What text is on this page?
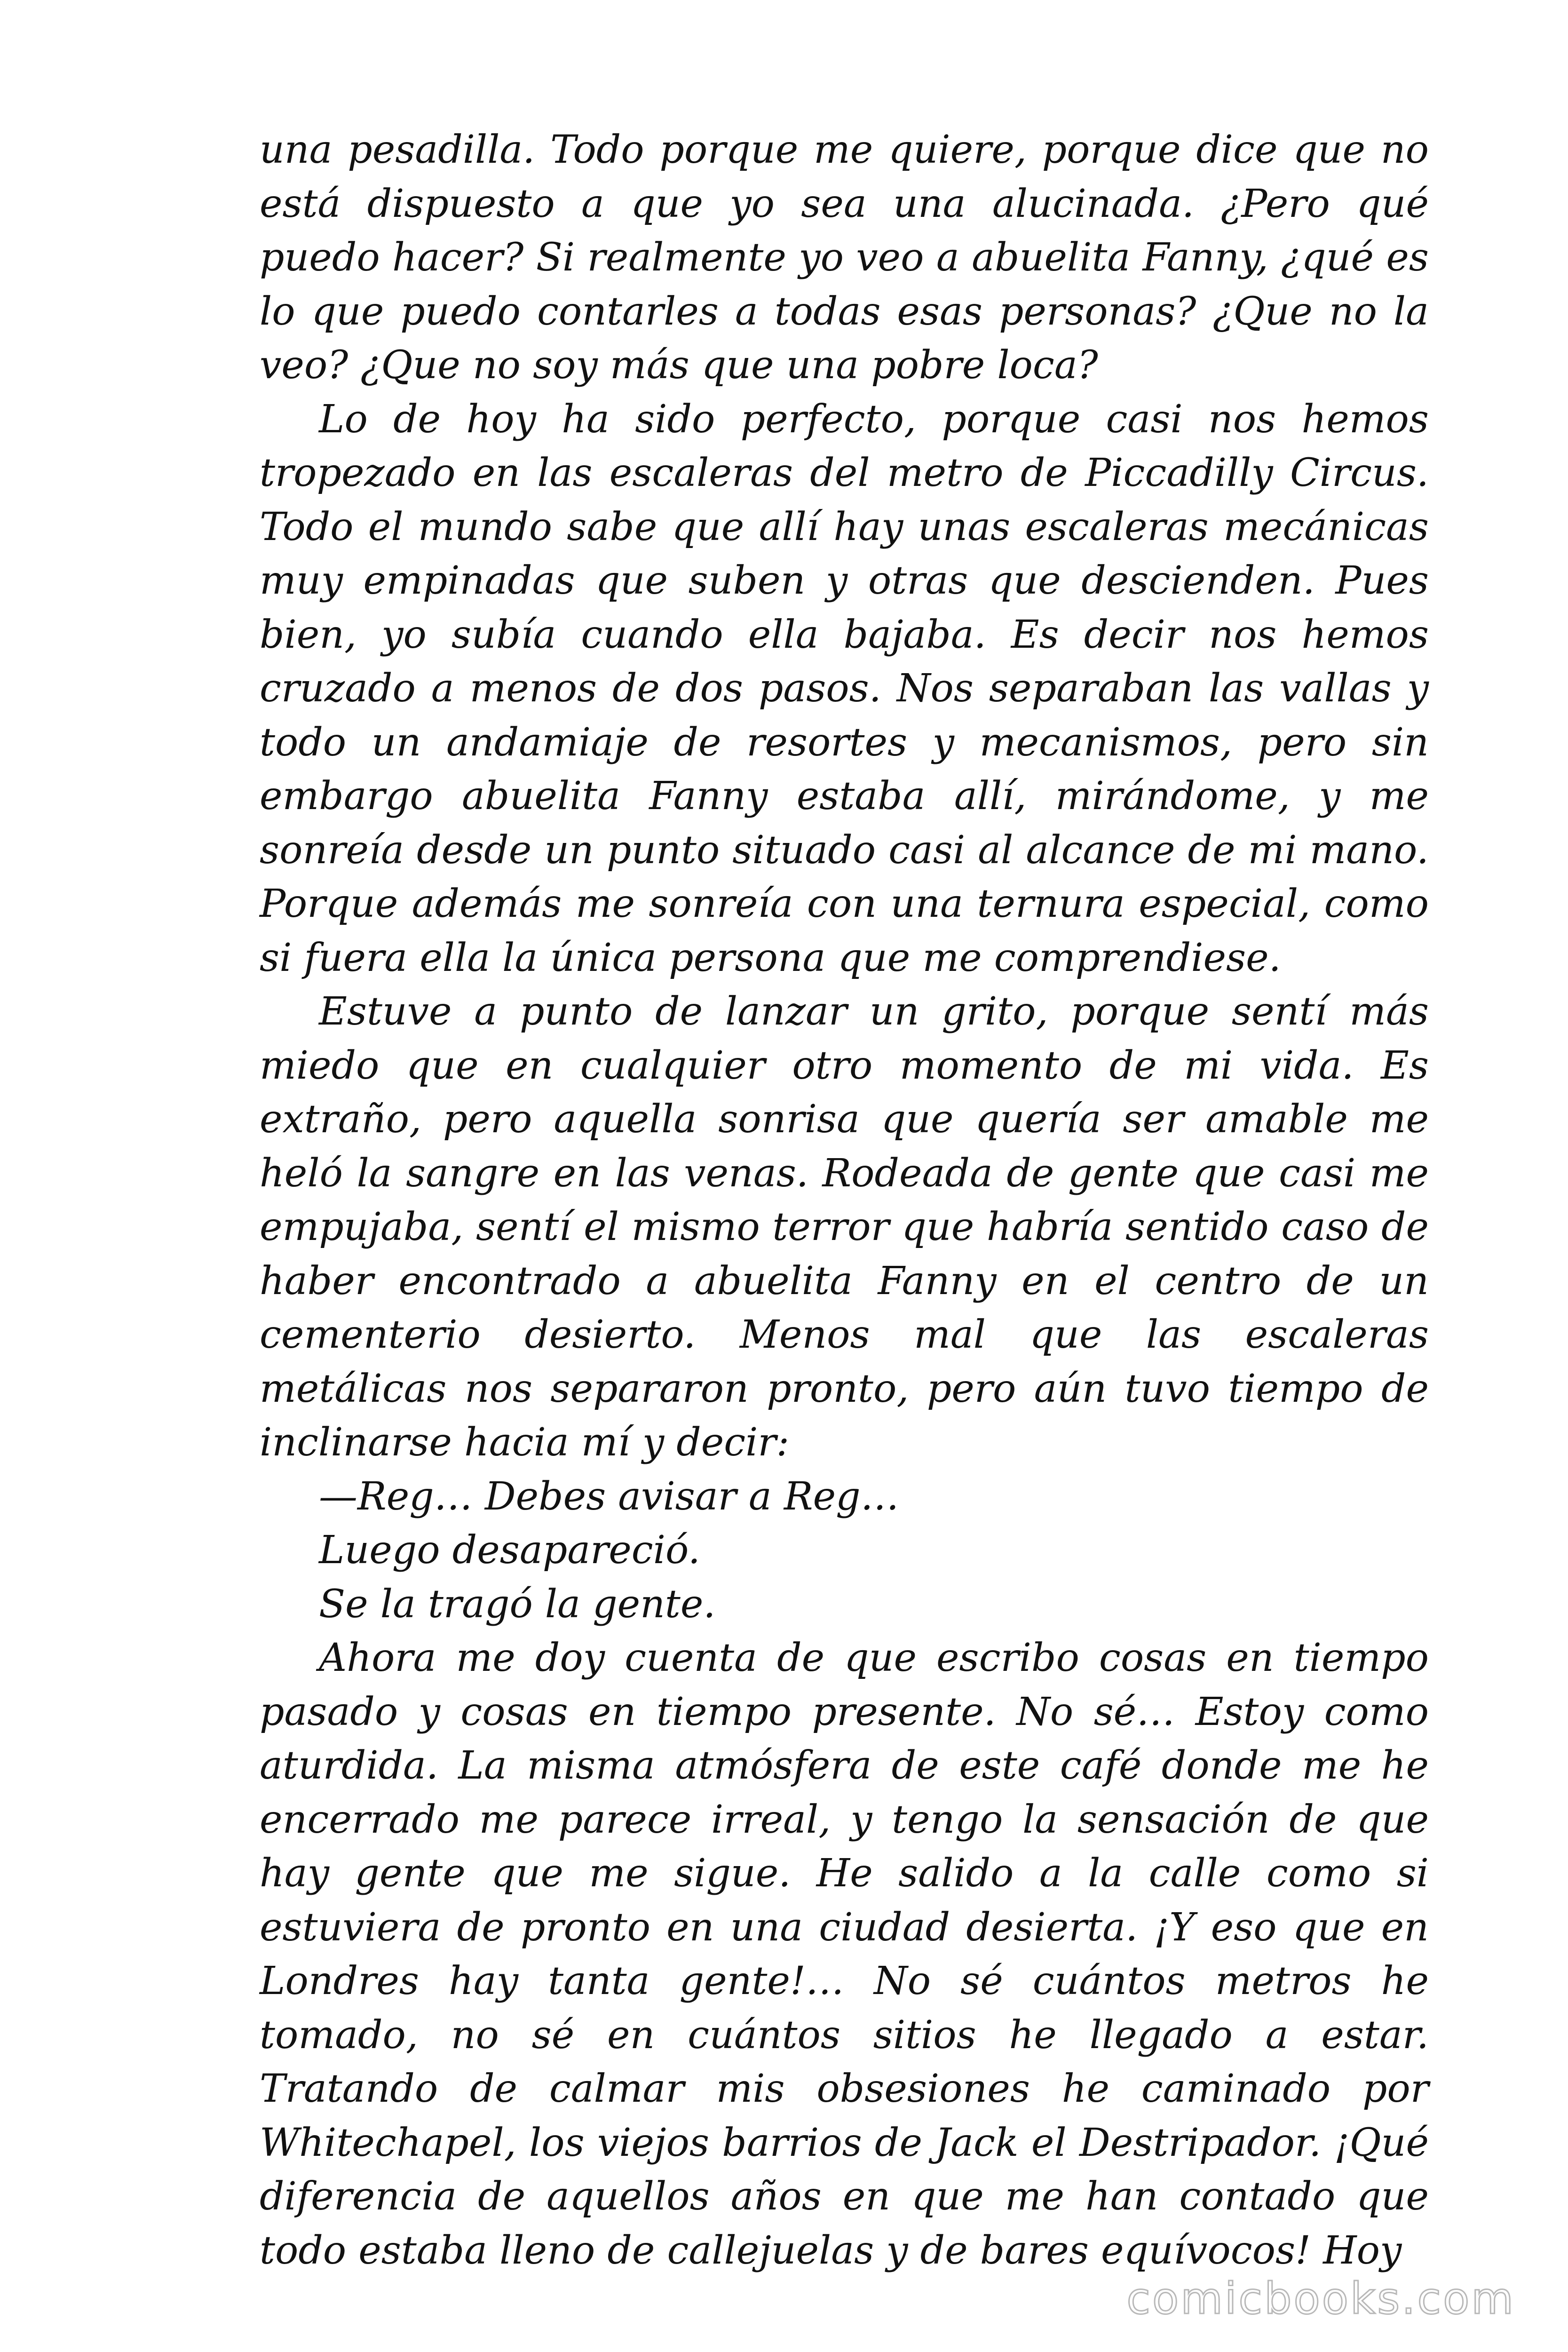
una pesadilla. Todo porque me quiere, porque dice que no está dispuesto a que yo sea una alucinada. ¿Pero qué puedo hacer? Si realmente yo veo a abuelita Fanny, ¿qué es lo que puedo contarles a todas esas personas? ¿Que no la veo? ¿Que no soy más que una pobre loca?

Lo de hoy ha sido perfecto, porque casi nos hemos tropezado en las escaleras del metro de Piccadilly Circus. Todo el mundo sabe que allí hay unas escaleras mecánicas muy empinadas que suben y otras que descienden. Pues bien, yo subía cuando ella bajaba. Es decir nos hemos cruzado a menos de dos pasos. Nos separaban las vallas y todo un andamiaje de resortes y mecanismos, pero sin embargo abuelita Fanny estaba allí, mirándome, y me sonreía desde un punto situado casi al alcance de mi mano. Porque además me sonreía con una ternura especial, como si fuera ella la única persona que me comprendiese.

Estuve a punto de lanzar un grito, porque sentí más miedo que en cualquier otro momento de mi vida. Es extraño, pero aquella sonrisa que quería ser amable me heló la sangre en las venas. Rodeada de gente que casi me empujaba, sentí el mismo terror que habría sentido caso de haber encontrado a abuelita Fanny en el centro de un cementerio desierto. Menos mal que las escaleras metálicas nos separaron pronto, pero aún tuvo tiempo de inclinarse hacia mí y decir:

—Reg… Debes avisar a Reg…

Luego desapareció.

Se la tragó la gente.

Ahora me doy cuenta de que escribo cosas en tiempo pasado y cosas en tiempo presente. No sé… Estoy como aturdida. La misma atmósfera de este café donde me he encerrado me parece irreal, y tengo la sensación de que hay gente que me sigue. He salido a la calle como si estuviera de pronto en una ciudad desierta. ¡Y eso que en Londres hay tanta gente!… No sé cuántos metros he tomado, no sé en cuántos sitios he llegado a estar. Tratando de calmar mis obsesiones he caminado por Whitechapel, los viejos barrios de Jack el Destripador. ¡Qué diferencia de aquellos años en que me han contado que todo estaba lleno de callejuelas y de bares equívocos! Hoy

comicbooks.com
